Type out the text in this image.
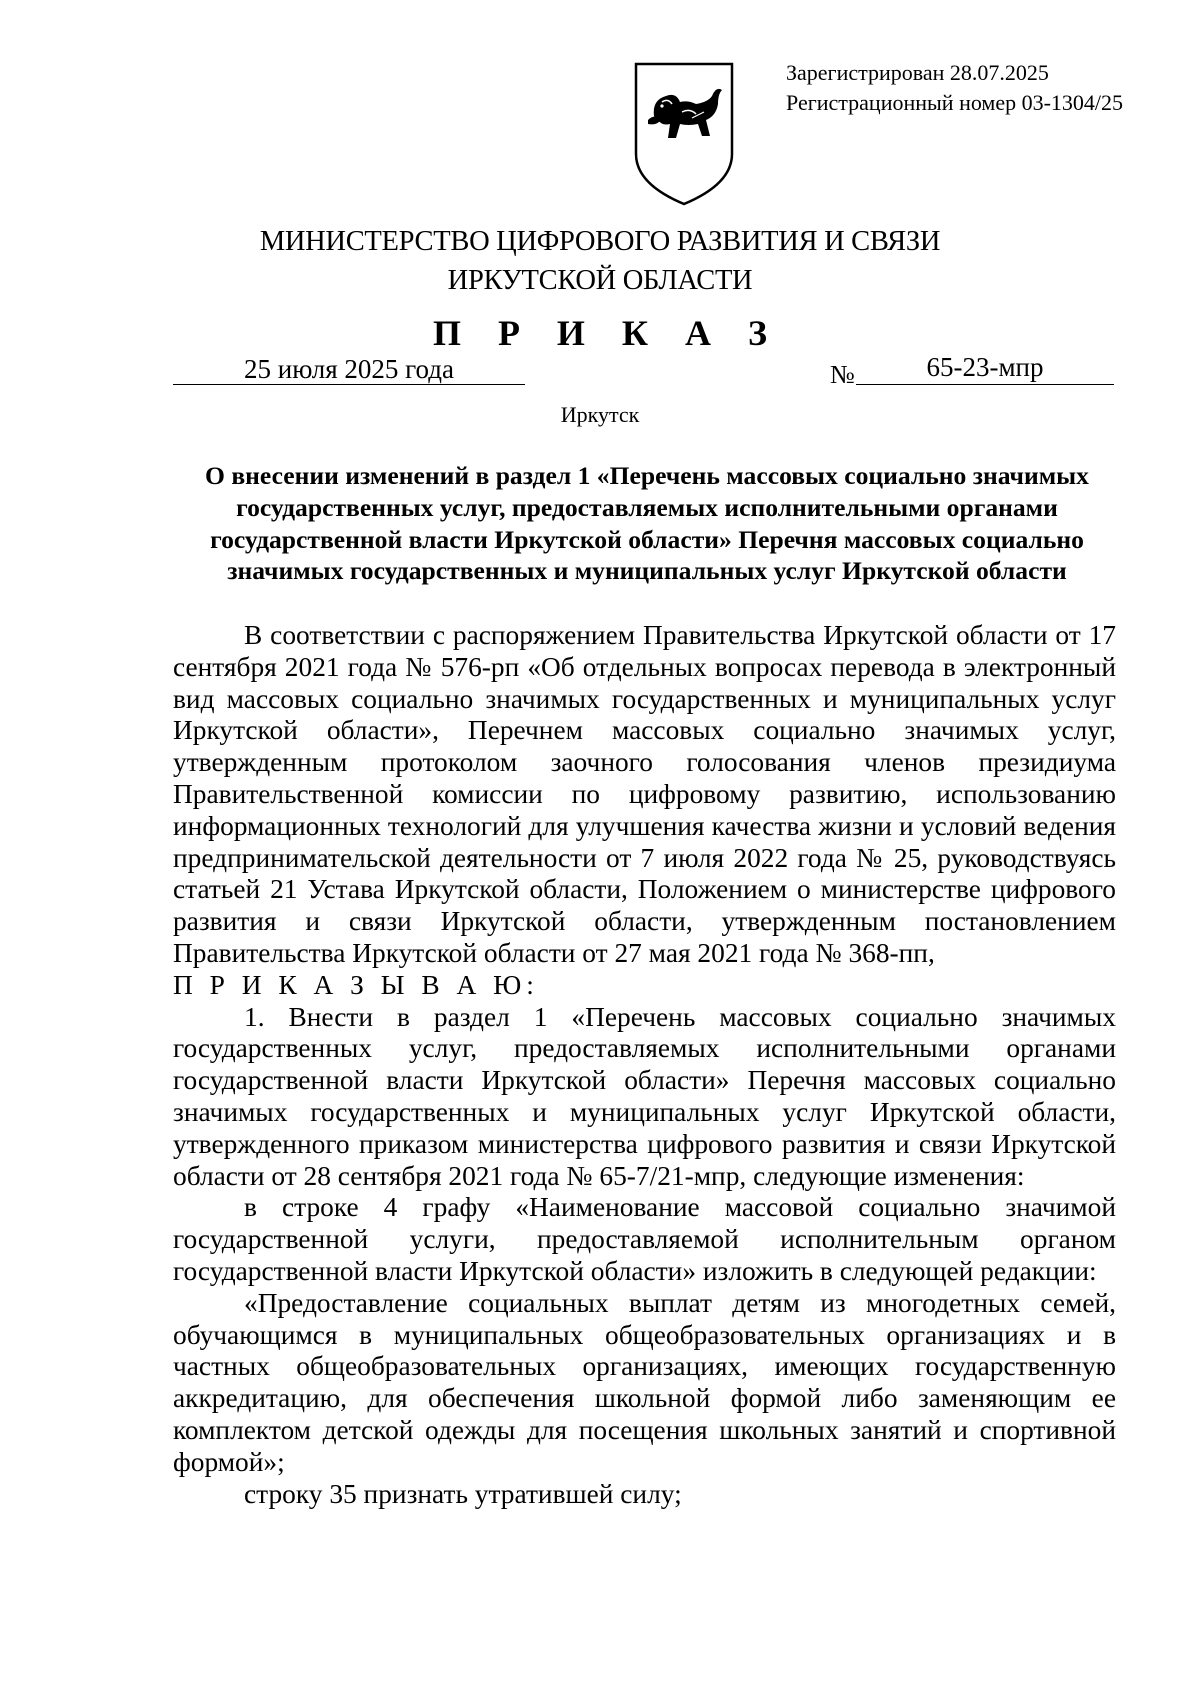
Зарегистрирован 28.07.2025
Регистрационный номер 03-1304/25
МИНИСТЕРСТВО ЦИФРОВОГО РАЗВИТИЯ И СВЯЗИ
ИРКУТСКОЙ ОБЛАСТИ
П Р И К А З
25 июля 2025 года	№	65-23-мпр
Иркутск
О внесении изменений в раздел 1 «Перечень массовых социально значимых государственных услуг, предоставляемых исполнительными органами государственной власти Иркутской области» Перечня массовых социально значимых государственных и муниципальных услуг Иркутской области

В соответствии с распоряжением Правительства Иркутской области от 17 сентября 2021 года № 576-рп «Об отдельных вопросах перевода в электронный вид массовых социально значимых государственных и муниципальных услуг Иркутской области», Перечнем массовых социально значимых услуг, утвержденным протоколом заочного голосования членов президиума Правительственной комиссии по цифровому развитию, использованию информационных технологий для улучшения качества жизни и условий ведения предпринимательской деятельности от 7 июля 2022 года № 25, руководствуясь статьей 21 Устава Иркутской области, Положением о министерстве цифрового развития и связи Иркутской области, утвержденным постановлением Правительства Иркутской области от 27 мая 2021 года № 368-пп,

П Р И К А З Ы В А Ю:

1. Внести в раздел 1 «Перечень массовых социально значимых государственных услуг, предоставляемых исполнительными органами государственной власти Иркутской области» Перечня массовых социально значимых государственных и муниципальных услуг Иркутской области, утвержденного приказом министерства цифрового развития и связи Иркутской области от 28 сентября 2021 года № 65-7/21-мпр, следующие изменения:

в строке 4 графу «Наименование массовой социально значимой государственной услуги, предоставляемой исполнительным органом государственной власти Иркутской области» изложить в следующей редакции:

«Предоставление социальных выплат детям из многодетных семей, обучающимся в муниципальных общеобразовательных организациях и в частных общеобразовательных организациях, имеющих государственную аккредитацию, для обеспечения школьной формой либо заменяющим ее комплектом детской одежды для посещения школьных занятий и спортивной формой»;

строку 35 признать утратившей силу;
